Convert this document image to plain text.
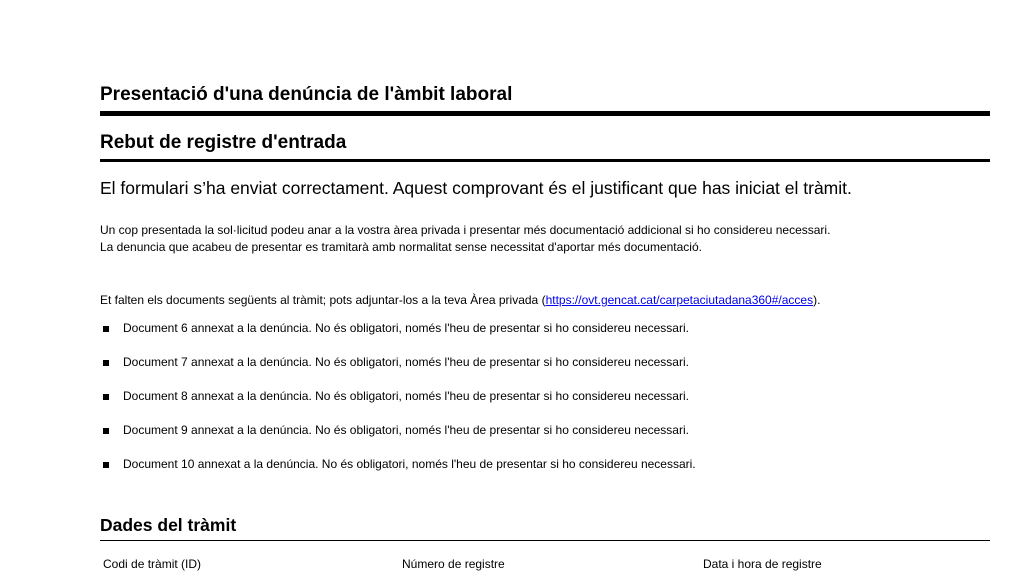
Presentació d'una denúncia de l'àmbit laboral
Rebut de registre d'entrada
El formulari s’ha enviat correctament. Aquest comprovant és el justificant que has iniciat el tràmit.

Un cop presentada la sol·licitud podeu anar a la vostra àrea privada i presentar més documentació addicional si ho considereu necessari.

La denuncia que acabeu de presentar es tramitarà amb normalitat sense necessitat d'aportar més documentació.

Et falten els documents següents al tràmit; pots adjuntar-los a la teva Àrea privada (https://ovt.gencat.cat/carpetaciutadana360#/acces).
Document 6 annexat a la denúncia. No és obligatori, només l'heu de presentar si ho considereu necessari.
Document 7 annexat a la denúncia. No és obligatori, només l'heu de presentar si ho considereu necessari.
Document 8 annexat a la denúncia. No és obligatori, només l'heu de presentar si ho considereu necessari.
Document 9 annexat a la denúncia. No és obligatori, només l'heu de presentar si ho considereu necessari.
Document 10 annexat a la denúncia. No és obligatori, només l'heu de presentar si ho considereu necessari.
Dades del tràmit
Codi de tràmit (ID)	Número de registre	Data i hora de registre
